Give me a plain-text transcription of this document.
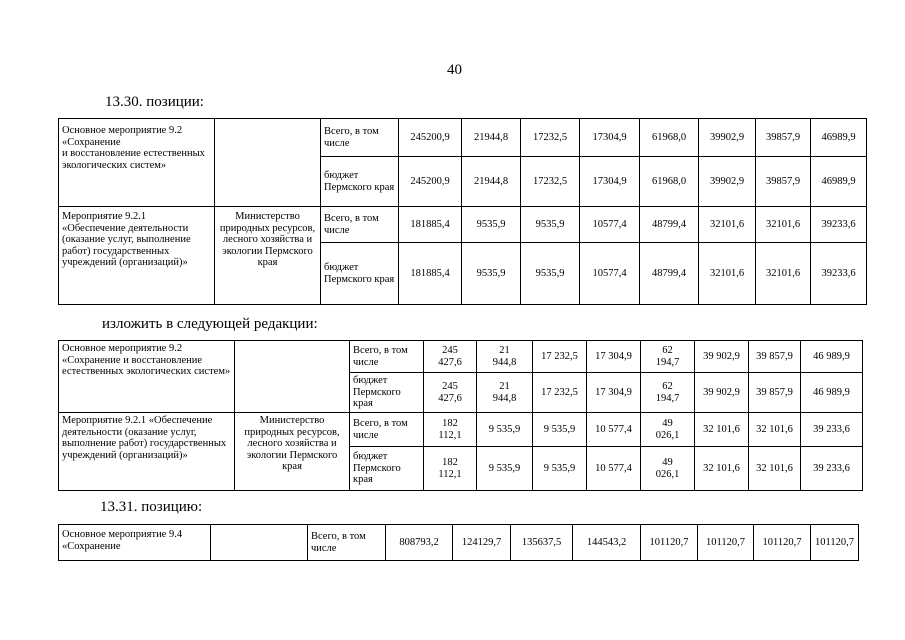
40
13.30. позиции:
Основное мероприятие 9.2 «Сохранение
и восстановление естественных
экологических систем»		Всего, в том числе	245200,9	21944,8	17232,5	17304,9	61968,0	39902,9	39857,9	46989,9
		бюджет Пермского края	245200,9	21944,8	17232,5	17304,9	61968,0	39902,9	39857,9	46989,9
Мероприятие 9.2.1 «Обеспечение деятельности (оказание услуг, выполнение работ) государственных учреждений (организаций)»	Министерство природных ресурсов, лесного хозяйства и экологии Пермского края	Всего, в том числе	181885,4	9535,9	9535,9	10577,4	48799,4	32101,6	32101,6	39233,6
		бюджет Пермского края	181885,4	9535,9	9535,9	10577,4	48799,4	32101,6	32101,6	39233,6
изложить в следующей редакции:
Основное мероприятие 9.2 «Сохранение и восстановление естественных экологических систем»		Всего, в том числе	245 427,6	21 944,8	17 232,5	17 304,9	62 194,7	39 902,9	39 857,9	46 989,9
		бюджет Пермского края	245 427,6	21 944,8	17 232,5	17 304,9	62 194,7	39 902,9	39 857,9	46 989,9
Мероприятие 9.2.1 «Обеспечение деятельности (оказание услуг, выполнение работ) государственных учреждений (организаций)»	Министерство природных ресурсов, лесного хозяйства и экологии Пермского края	Всего, в том числе	182 112,1	9 535,9	9 535,9	10 577,4	49 026,1	32 101,6	32 101,6	39 233,6
		бюджет Пермского края	182 112,1	9 535,9	9 535,9	10 577,4	49 026,1	32 101,6	32 101,6	39 233,6
13.31. позицию:
Основное мероприятие 9.4 «Сохранение		Всего, в том числе	808793,2	124129,7	135637,5	144543,2	101120,7	101120,7	101120,7	101120,7
